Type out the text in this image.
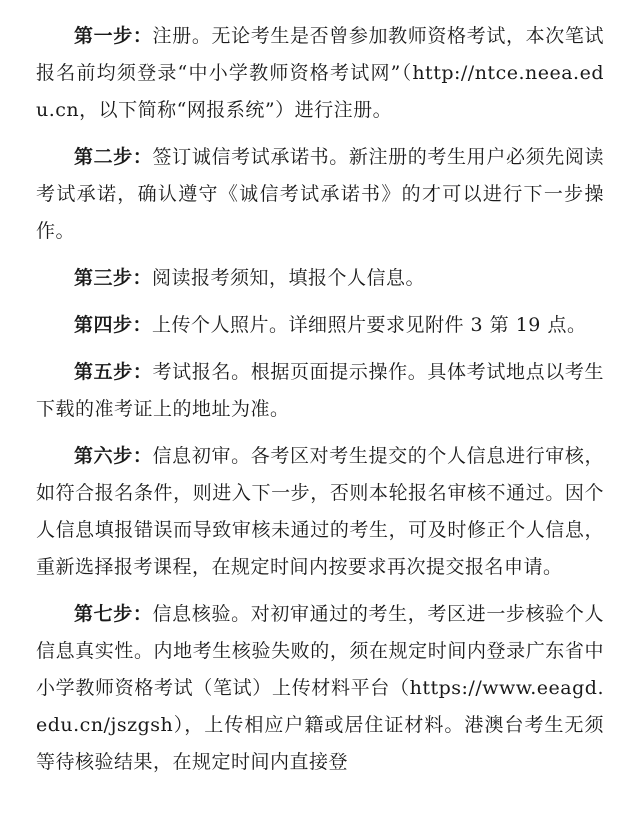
第一步：注册。无论考生是否曾参加教师资格考试，本次笔试报名前均须登录“中小学教师资格考试网”（http://ntce.neea.edu.cn，以下简称“网报系统”）进行注册。

第二步：签订诚信考试承诺书。新注册的考生用户必须先阅读考试承诺，确认遵守《诚信考试承诺书》的才可以进行下一步操作。

第三步：阅读报考须知，填报个人信息。

第四步：上传个人照片。详细照片要求见附件 3 第 19 点。

第五步：考试报名。根据页面提示操作。具体考试地点以考生下载的准考证上的地址为准。

第六步：信息初审。各考区对考生提交的个人信息进行审核，如符合报名条件，则进入下一步，否则本轮报名审核不通过。因个人信息填报错误而导致审核未通过的考生，可及时修正个人信息，重新选择报考课程，在规定时间内按要求再次提交报名申请。

第七步：信息核验。对初审通过的考生，考区进一步核验个人信息真实性。内地考生核验失败的，须在规定时间内登录广东省中小学教师资格考试（笔试）上传材料平台（https://www.eeagd.edu.cn/jszgsh），上传相应户籍或居住证材料。港澳台考生无须等待核验结果，在规定时间内直接登
